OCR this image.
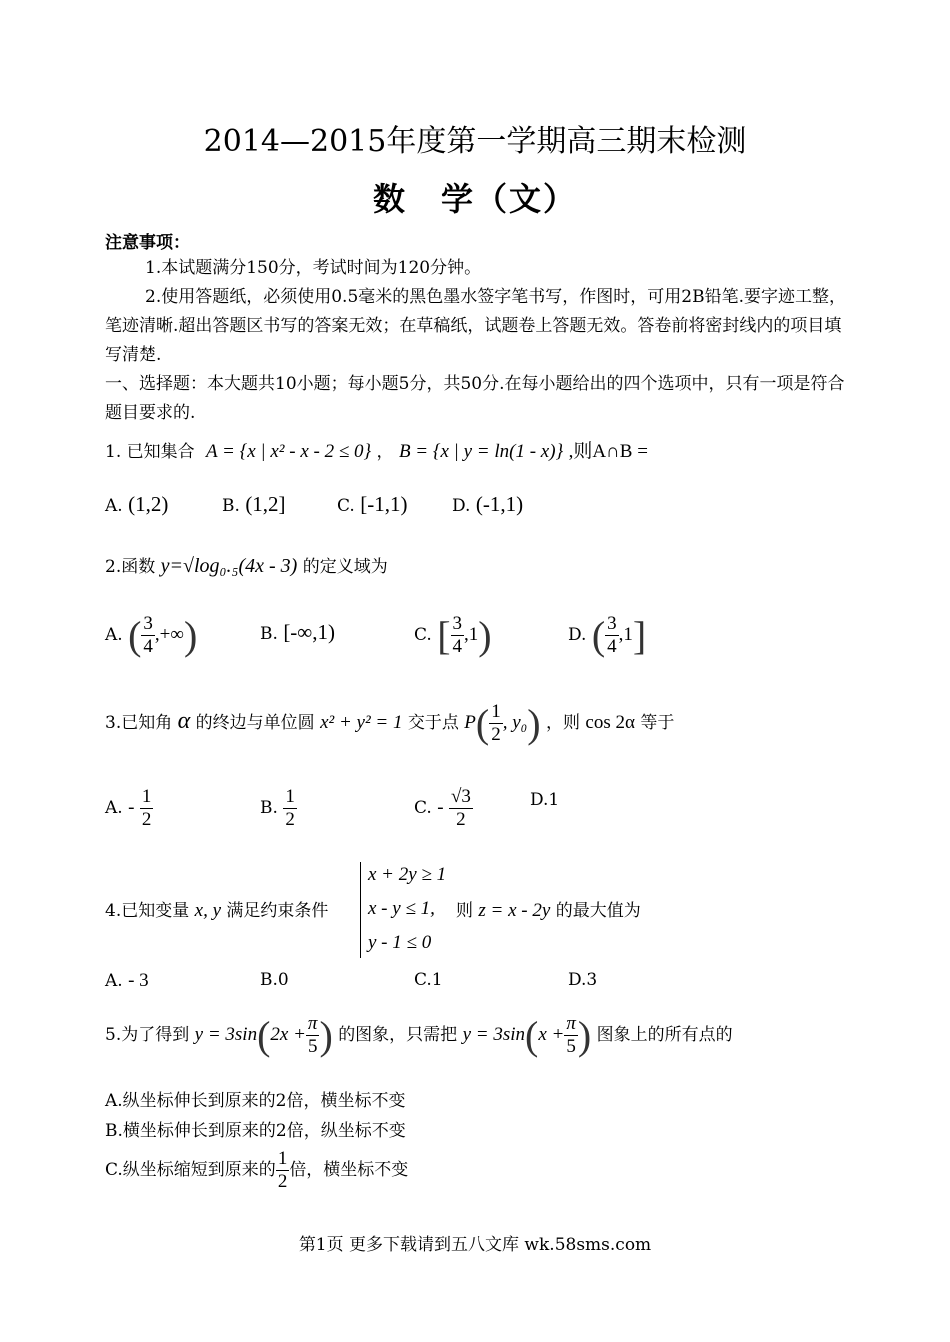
2014—2015年度第一学期高三期末检测
数　学（文）
注意事项：
1.本试题满分150分，考试时间为120分钟。
2.使用答题纸，必须使用0.5毫米的黑色墨水签字笔书写，作图时，可用2B铅笔.要字迹工整，笔迹清晰.超出答题区书写的答案无效；在草稿纸，试题卷上答题无效。答卷前将密封线内的项目填写清楚.
一、选择题：本大题共10小题；每小题5分，共50分.在每小题给出的四个选项中，只有一项是符合题目要求的.
1. 已知集合 A = {x | x² - x - 2 ≤ 0} ， B = {x | y = ln(1 - x)} ,则A∩B =
A. (1,2)	B. (1,2]	C. [-1,1)	D. (-1,1)
2.函数 y=√log₀.₅(4x - 3) 的定义域为
A. ( $\frac{3}{4}$ ,+∞)	B. [-∞,1)	C. [ $\frac{3}{4} ,1$)	D. ( $\frac{3}{4} ,1$]
3.已知角 α 的终边与单位圆 x² + y² = 1 交于点 $P( \frac{1}{2}$ , y₀) ，则 cos 2α 等于
A. - $\frac{1}{2}$	B. $\frac{1}{2}$	C. - $\frac{√3}{2}$	D.1
4.已知变量 x, y 满足约束条件
x + 2y ≥ 1
x - y ≤ 1,
y - 1 ≤ 0
则 z = x - 2y 的最大值为
A. - 3	B.0	C.1	D.3
5.为了得到 $y = 3\sin(2x + \frac{\pi}{5}$ ) 的图象，只需把 $y = 3\sin(x + \frac{\pi}{5}$ ) 图象上的所有点的
A.纵坐标伸长到原来的2倍，横坐标不变
B.横坐标伸长到原来的2倍，纵坐标不变
C.纵坐标缩短到原来的 $\frac{1}{2}$ 倍，横坐标不变
第1页 更多下载请到五八文库 wk.58sms.com
